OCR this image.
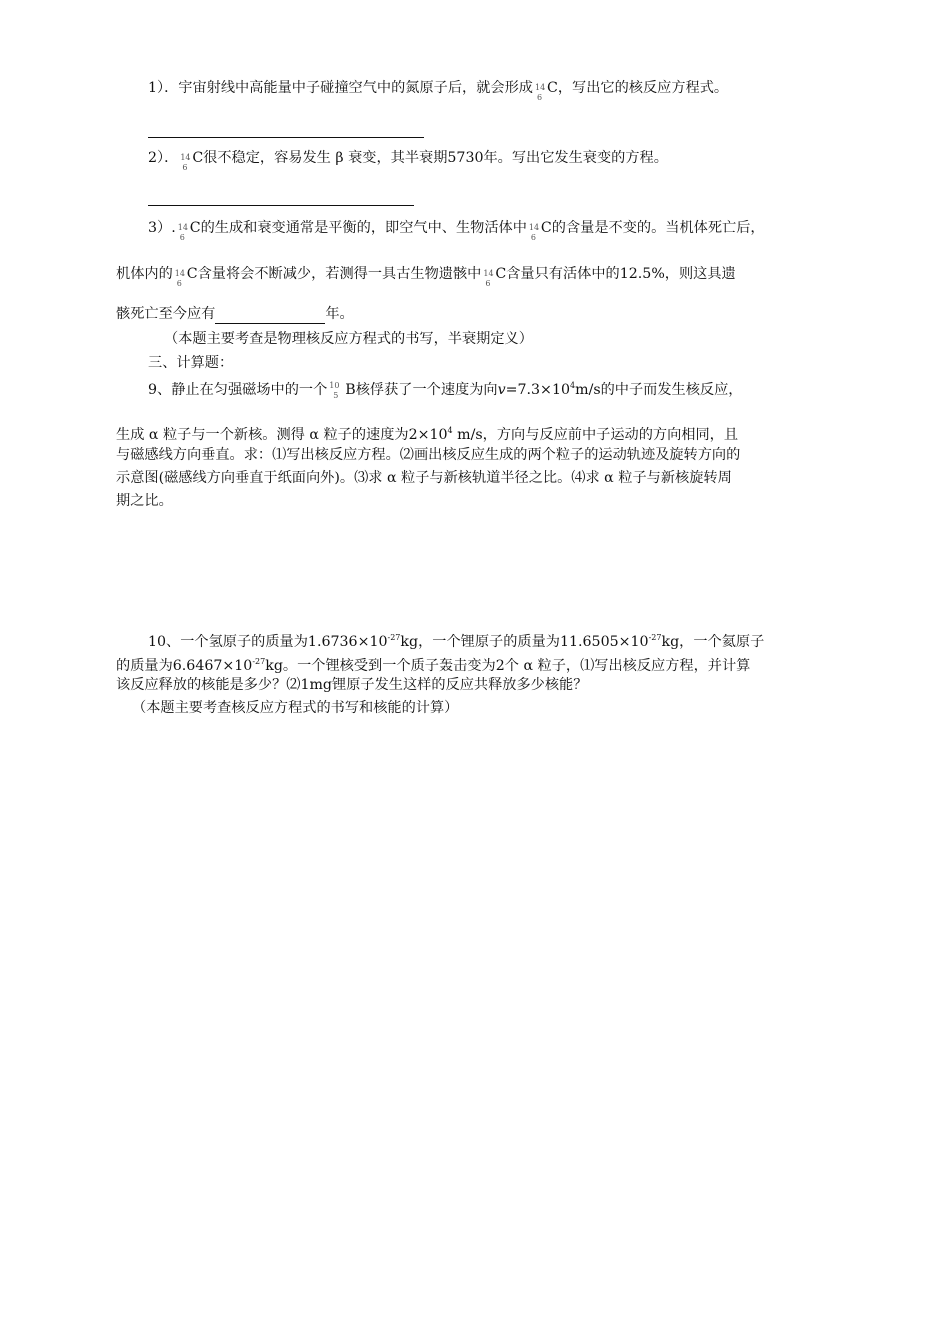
1）．宇宙射线中高能量中子碰撞空气中的氮原子后，就会形成 14
6
C，写出它的核反应方程式。
2）． 14
6
C很不稳定，容易发生 β 衰变，其半衰期5730年。写出它发生衰变的方程。
3）. 14
6
C的生成和衰变通常是平衡的，即空气中、生物活体中 14
6
C的含量是不变的。当机体死亡后，
机体内的 14
6
C含量将会不断减少，若测得一具古生物遗骸中 14
6
C含量只有活体中的12.5%，则这具遗
骸死亡至今应有	年。
（本题主要考查是物理核反应方程式的书写，半衰期定义）
三、计算题：
9、静止在匀强磁场中的一个 10
5 B核俘获了一个速度为向$v=7.3\times 10^4m/s$的中子而发生核反应，
生成 α 粒子与一个新核。测得 α 粒子的速度为$2\times 10^4$ m/s，方向与反应前中子运动的方向相同，且
与磁感线方向垂直。求：⑴写出核反应方程。⑵画出核反应生成的两个粒子的运动轨迹及旋转方向的
示意图(磁感线方向垂直于纸面向外)。⑶求 α 粒子与新核轨道半径之比。⑷求 α 粒子与新核旋转周
期之比。
10、一个氢原子的质量为$1.6736\times 10^{-27}kg$，一个锂原子的质量为$11.6505\times 10^{-27}kg$，一个氦原子
的质量为$6.6467\times 10^{-27}kg$。一个锂核受到一个质子轰击变为2个 α 粒子，⑴写出核反应方程，并计算
该反应释放的核能是多少？⑵1mg锂原子发生这样的反应共释放多少核能？
（本题主要考查核反应方程式的书写和核能的计算）
